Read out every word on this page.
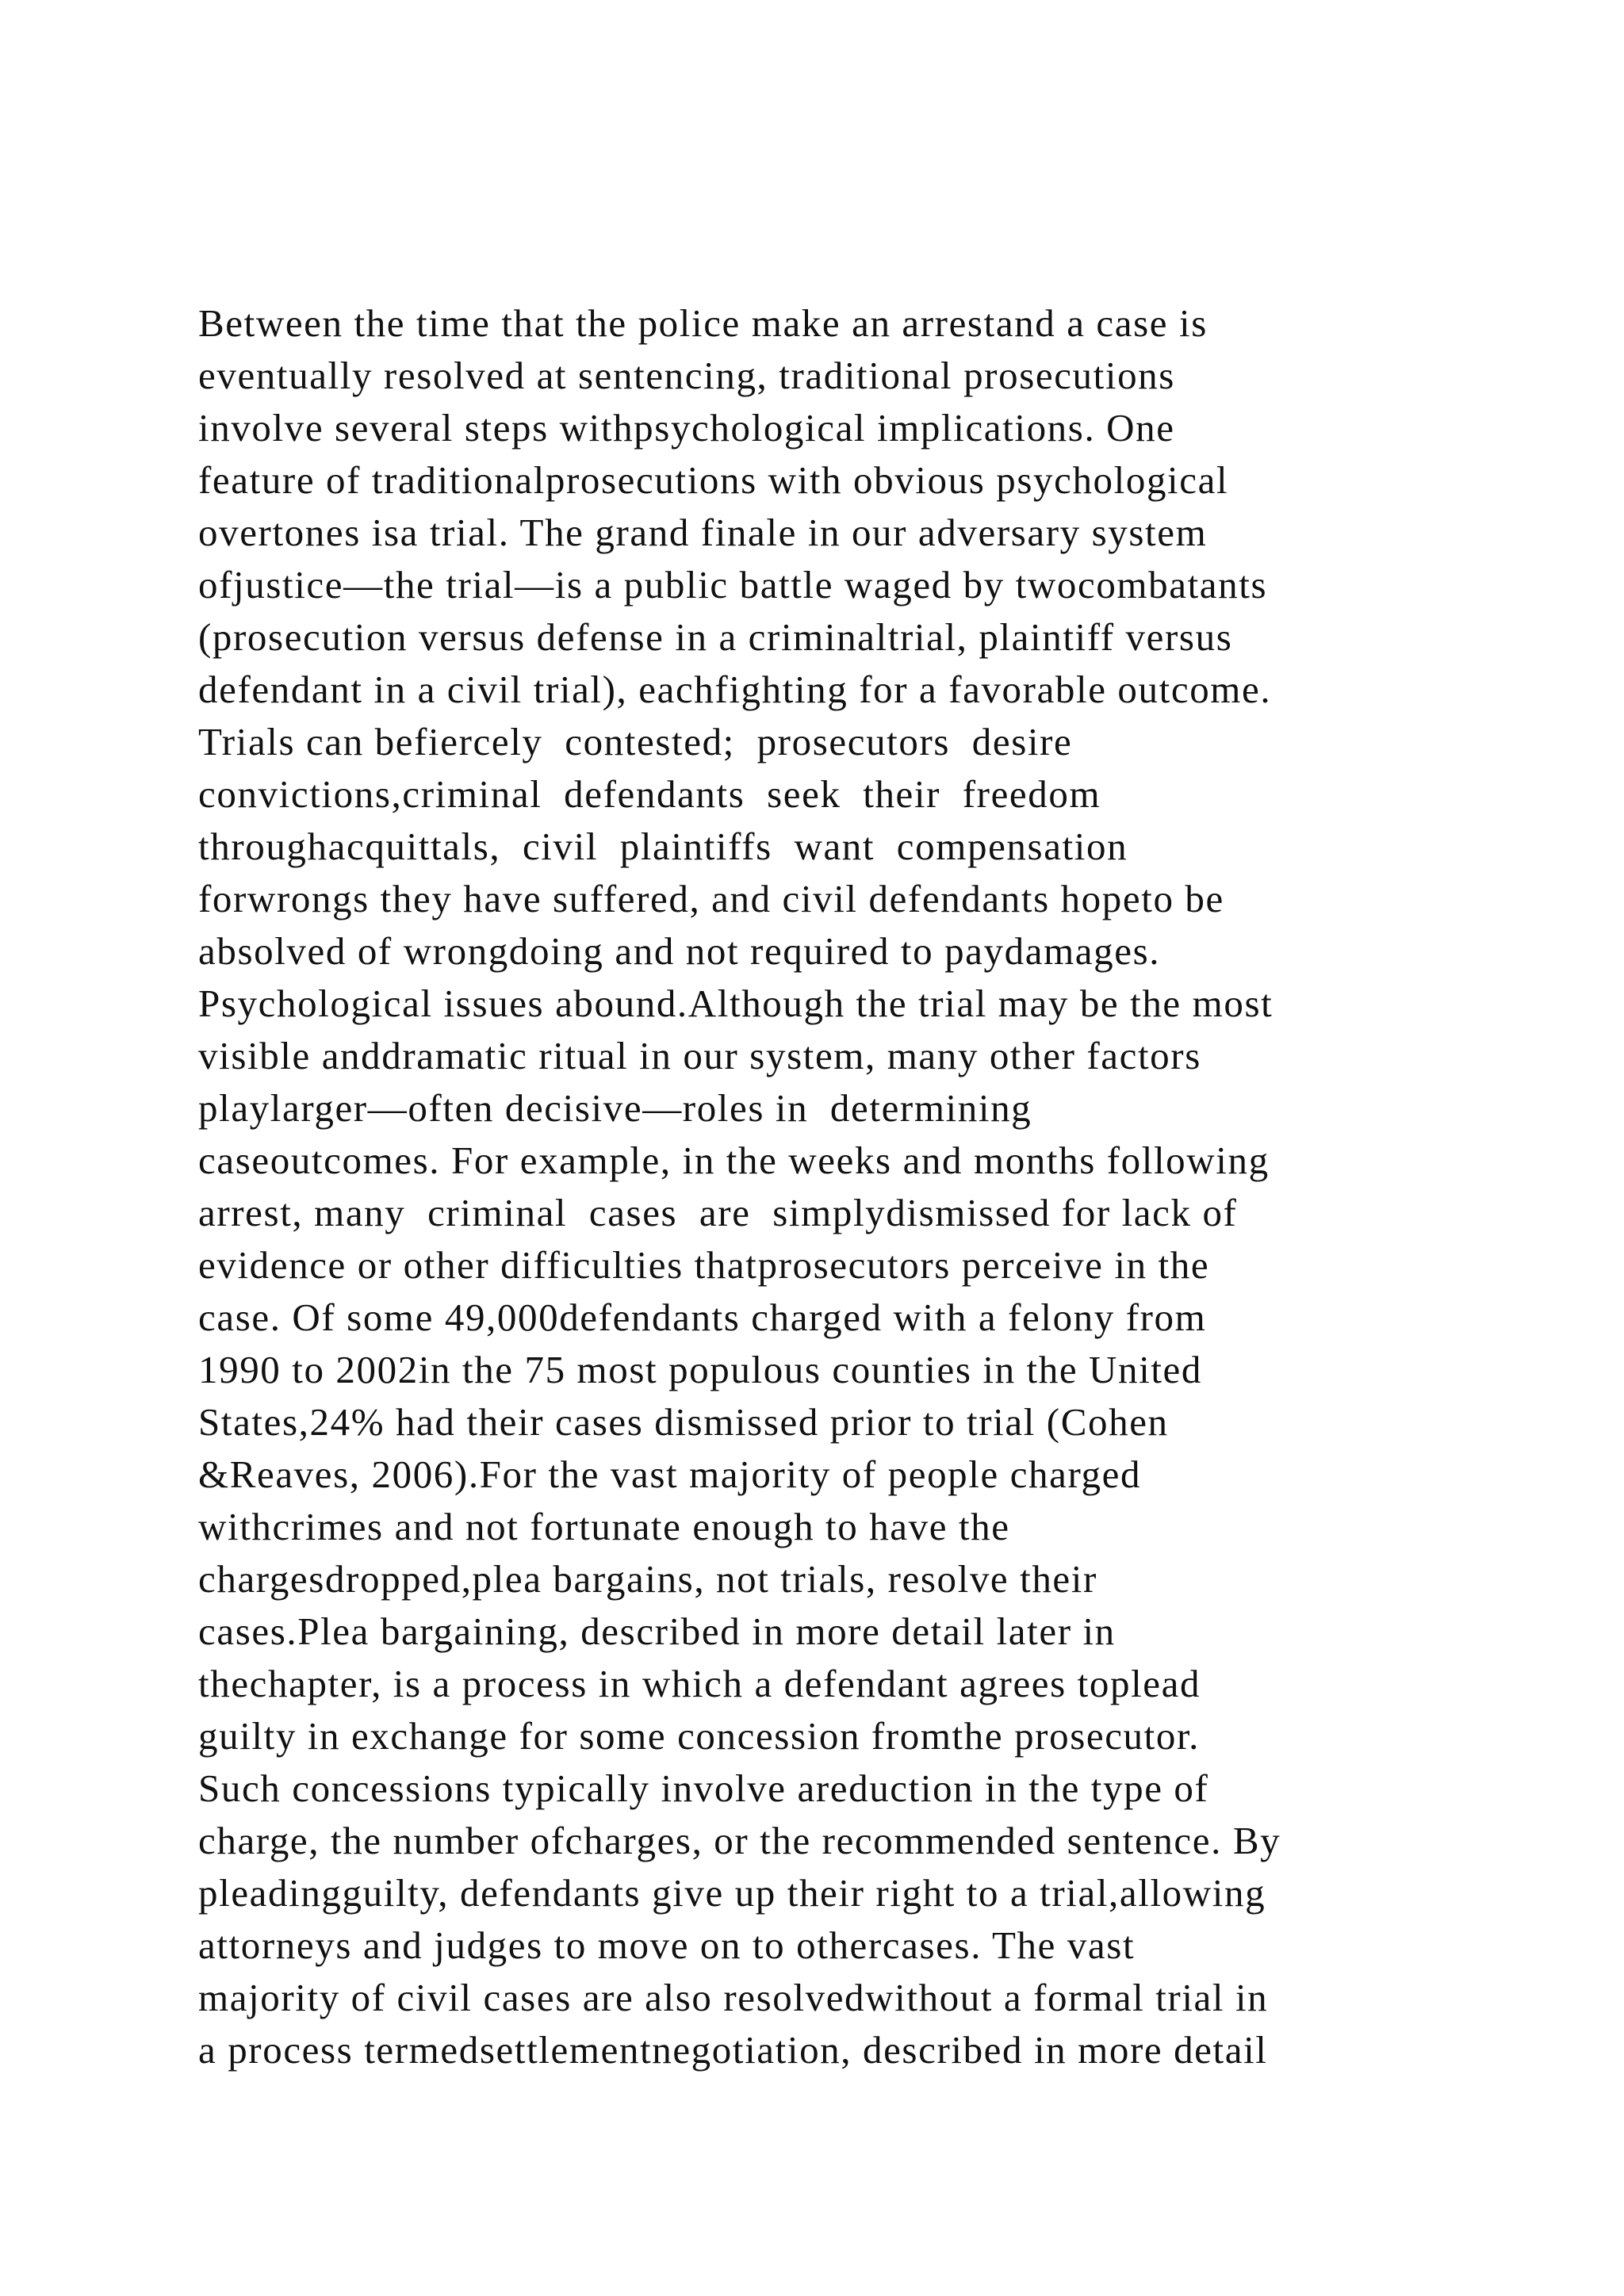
Between the time that the police make an arrestand a case is
eventually resolved at sentencing, traditional prosecutions
involve several steps withpsychological implications. One
feature of traditionalprosecutions with obvious psychological
overtones isa trial. The grand finale in our adversary system
ofjustice—the trial—is a public battle waged by twocombatants
(prosecution versus defense in a criminaltrial, plaintiff versus
defendant in a civil trial), eachfighting for a favorable outcome.
Trials can befiercely  contested;  prosecutors  desire
convictions,criminal  defendants  seek  their  freedom
throughacquittals,  civil  plaintiffs  want  compensation
forwrongs they have suffered, and civil defendants hopeto be
absolved of wrongdoing and not required to paydamages.
Psychological issues abound.Although the trial may be the most
visible anddramatic ritual in our system, many other factors
playlarger—often decisive—roles in  determining
caseoutcomes. For example, in the weeks and months following
arrest, many  criminal  cases  are  simplydismissed for lack of
evidence or other difficulties thatprosecutors perceive in the
case. Of some 49,000defendants charged with a felony from
1990 to 2002in the 75 most populous counties in the United
States,24% had their cases dismissed prior to trial (Cohen
&Reaves, 2006).For the vast majority of people charged
withcrimes and not fortunate enough to have the
chargesdropped,plea bargains, not trials, resolve their
cases.Plea bargaining, described in more detail later in
thechapter, is a process in which a defendant agrees toplead
guilty in exchange for some concession fromthe prosecutor.
Such concessions typically involve areduction in the type of
charge, the number ofcharges, or the recommended sentence. By
pleadingguilty, defendants give up their right to a trial,allowing
attorneys and judges to move on to othercases. The vast
majority of civil cases are also resolvedwithout a formal trial in
a process termedsettlementnegotiation, described in more detail
